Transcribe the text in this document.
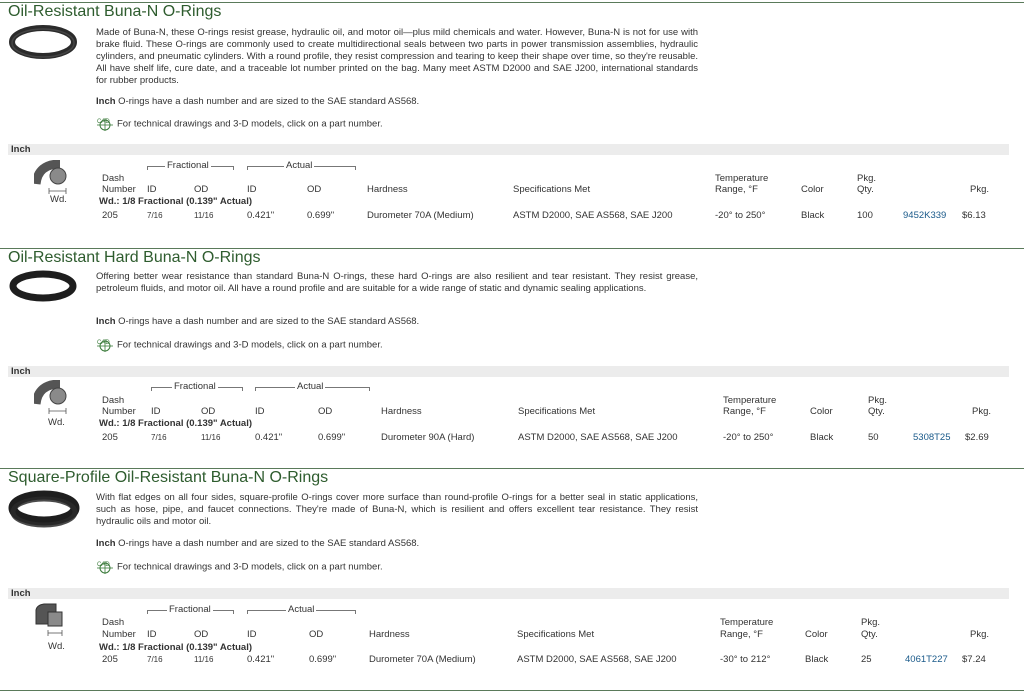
Oil-Resistant Buna-N O-Rings
Made of Buna-N, these O-rings resist grease, hydraulic oil, and motor oil—plus mild chemicals and water. However, Buna-N is not for use with brake fluid. These O-rings are commonly used to create multidirectional seals between two parts in power transmission assemblies, hydraulic cylinders, and pneumatic cylinders. With a round profile, they resist compression and tearing to keep their shape over time, so they're reusable. All have shelf life, cure date, and a traceable lot number printed on the bag. Many meet ASTM D2000 and SAE J200, international standards for rubber products.
Inch O-rings have a dash number and are sized to the SAE standard AS568.
CAD For technical drawings and 3-D models, click on a part number.
Inch
Wd.
Fractional	Actual
Dash
Number ID	OD	ID	OD	Hardness	Specifications Met
Temperature
Range, °F	Color
Pkg.
Qty.	Pkg.
Wd.: 1/8 Fractional (0.139" Actual)
205	7/16	11/16	0.421"	0.699"	Durometer 70A (Medium)	ASTM D2000, SAE AS568, SAE J200	-20° to 250°	Black	100	9452K339 $6.13
Oil-Resistant Hard Buna-N O-Rings
Offering better wear resistance than standard Buna-N O-rings, these hard O-rings are also resilient and tear resistant. They resist grease, petroleum fluids, and motor oil. All have a round profile and are suitable for a wide range of static and dynamic sealing applications.
Inch O-rings have a dash number and are sized to the SAE standard AS568.
CAD For technical drawings and 3-D models, click on a part number.
Inch
Wd.
Fractional	Actual
Dash
Number ID	OD	ID	OD	Hardness	Specifications Met
Temperature
Range, °F	Color
Pkg.
Qty.	Pkg.
Wd.: 1/8 Fractional (0.139" Actual)
205	7/16	11/16	0.421"	0.699"	Durometer 90A (Hard)	ASTM D2000, SAE AS568, SAE J200	-20° to 250°	Black	50	5308T25 $2.69
Square-Profile Oil-Resistant Buna-N O-Rings
With flat edges on all four sides, square-profile O-rings cover more surface than round-profile O-rings for a better seal in static applications, such as hose, pipe, and faucet connections. They're made of Buna-N, which is resilient and offers excellent tear resistance. They resist hydraulic oils and motor oil.
Inch O-rings have a dash number and are sized to the SAE standard AS568.
CAD For technical drawings and 3-D models, click on a part number.
Inch
Wd.
Fractional	Actual
Dash
Number ID	OD	ID	OD	Hardness	Specifications Met
Temperature
Range, °F	Color
Pkg.
Qty.	Pkg.
Wd.: 1/8 Fractional (0.139" Actual)
205	7/16	11/16	0.421"	0.699"	Durometer 70A (Medium)	ASTM D2000, SAE AS568, SAE J200	-30° to 212°	Black	25	4061T227 $7.24
